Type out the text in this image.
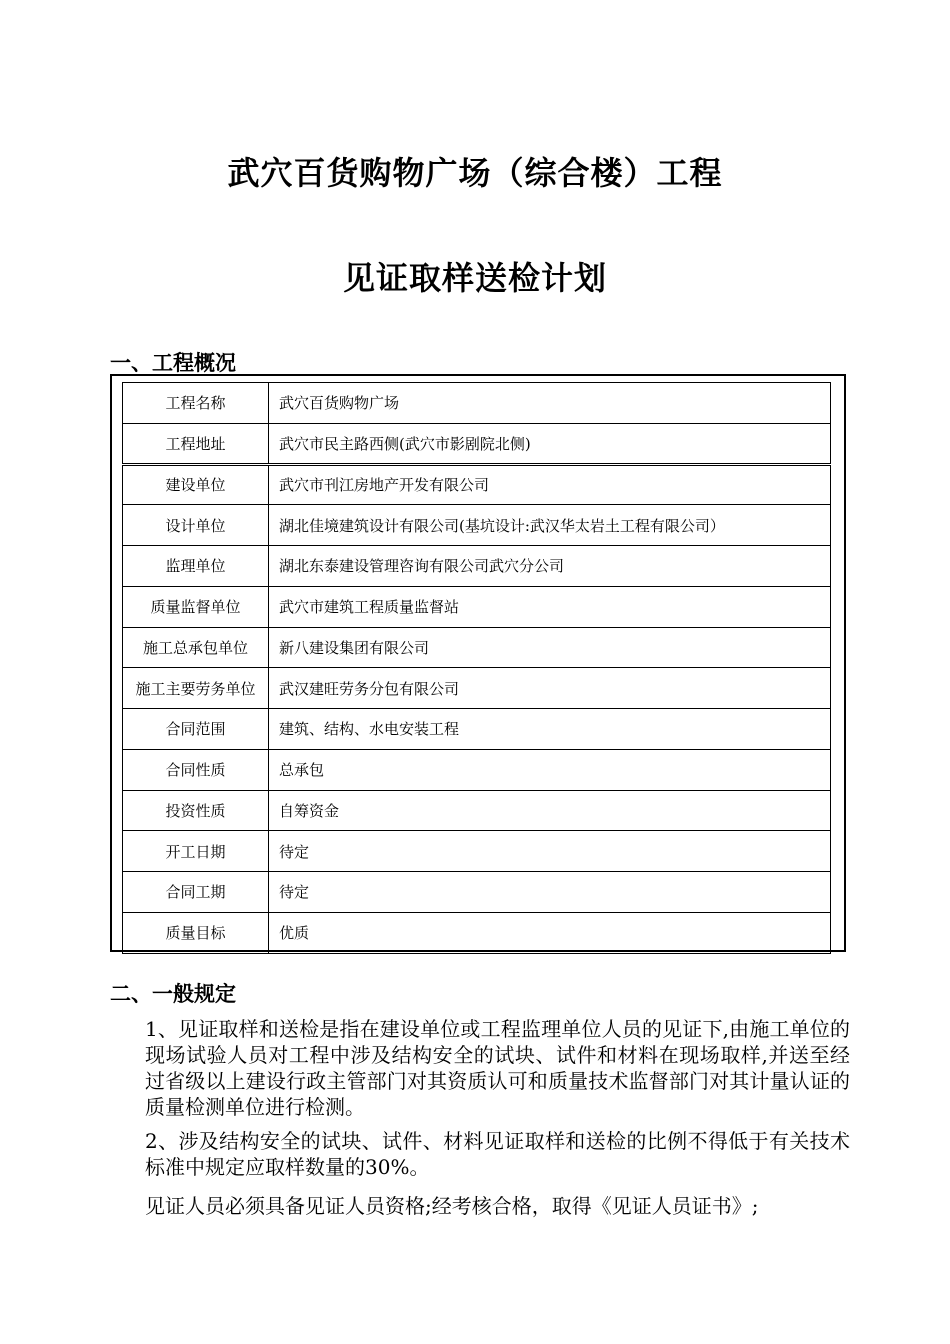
武穴百货购物广场（综合楼）工程
见证取样送检计划
一、工程概况
工程名称	武穴百货购物广场
工程地址	武穴市民主路西侧(武穴市影剧院北侧)
建设单位	武穴市刊江房地产开发有限公司
设计单位	湖北佳境建筑设计有限公司(基坑设计:武汉华太岩土工程有限公司）
监理单位	湖北东泰建设管理咨询有限公司武穴分公司
质量监督单位	武穴市建筑工程质量监督站
施工总承包单位	新八建设集团有限公司
施工主要劳务单位	武汉建旺劳务分包有限公司
合同范围	建筑、结构、水电安装工程
合同性质	总承包
投资性质	自筹资金
开工日期	待定
合同工期	待定
质量目标	优质
二、一般规定
1、见证取样和送检是指在建设单位或工程监理单位人员的见证下,由施工单位的现场试验人员对工程中涉及结构安全的试块、试件和材料在现场取样,并送至经过省级以上建设行政主管部门对其资质认可和质量技术监督部门对其计量认证的质量检测单位进行检测。
2、涉及结构安全的试块、试件、材料见证取样和送检的比例不得低于有关技术标准中规定应取样数量的30%。
见证人员必须具备见证人员资格;经考核合格，取得《见证人员证书》;
